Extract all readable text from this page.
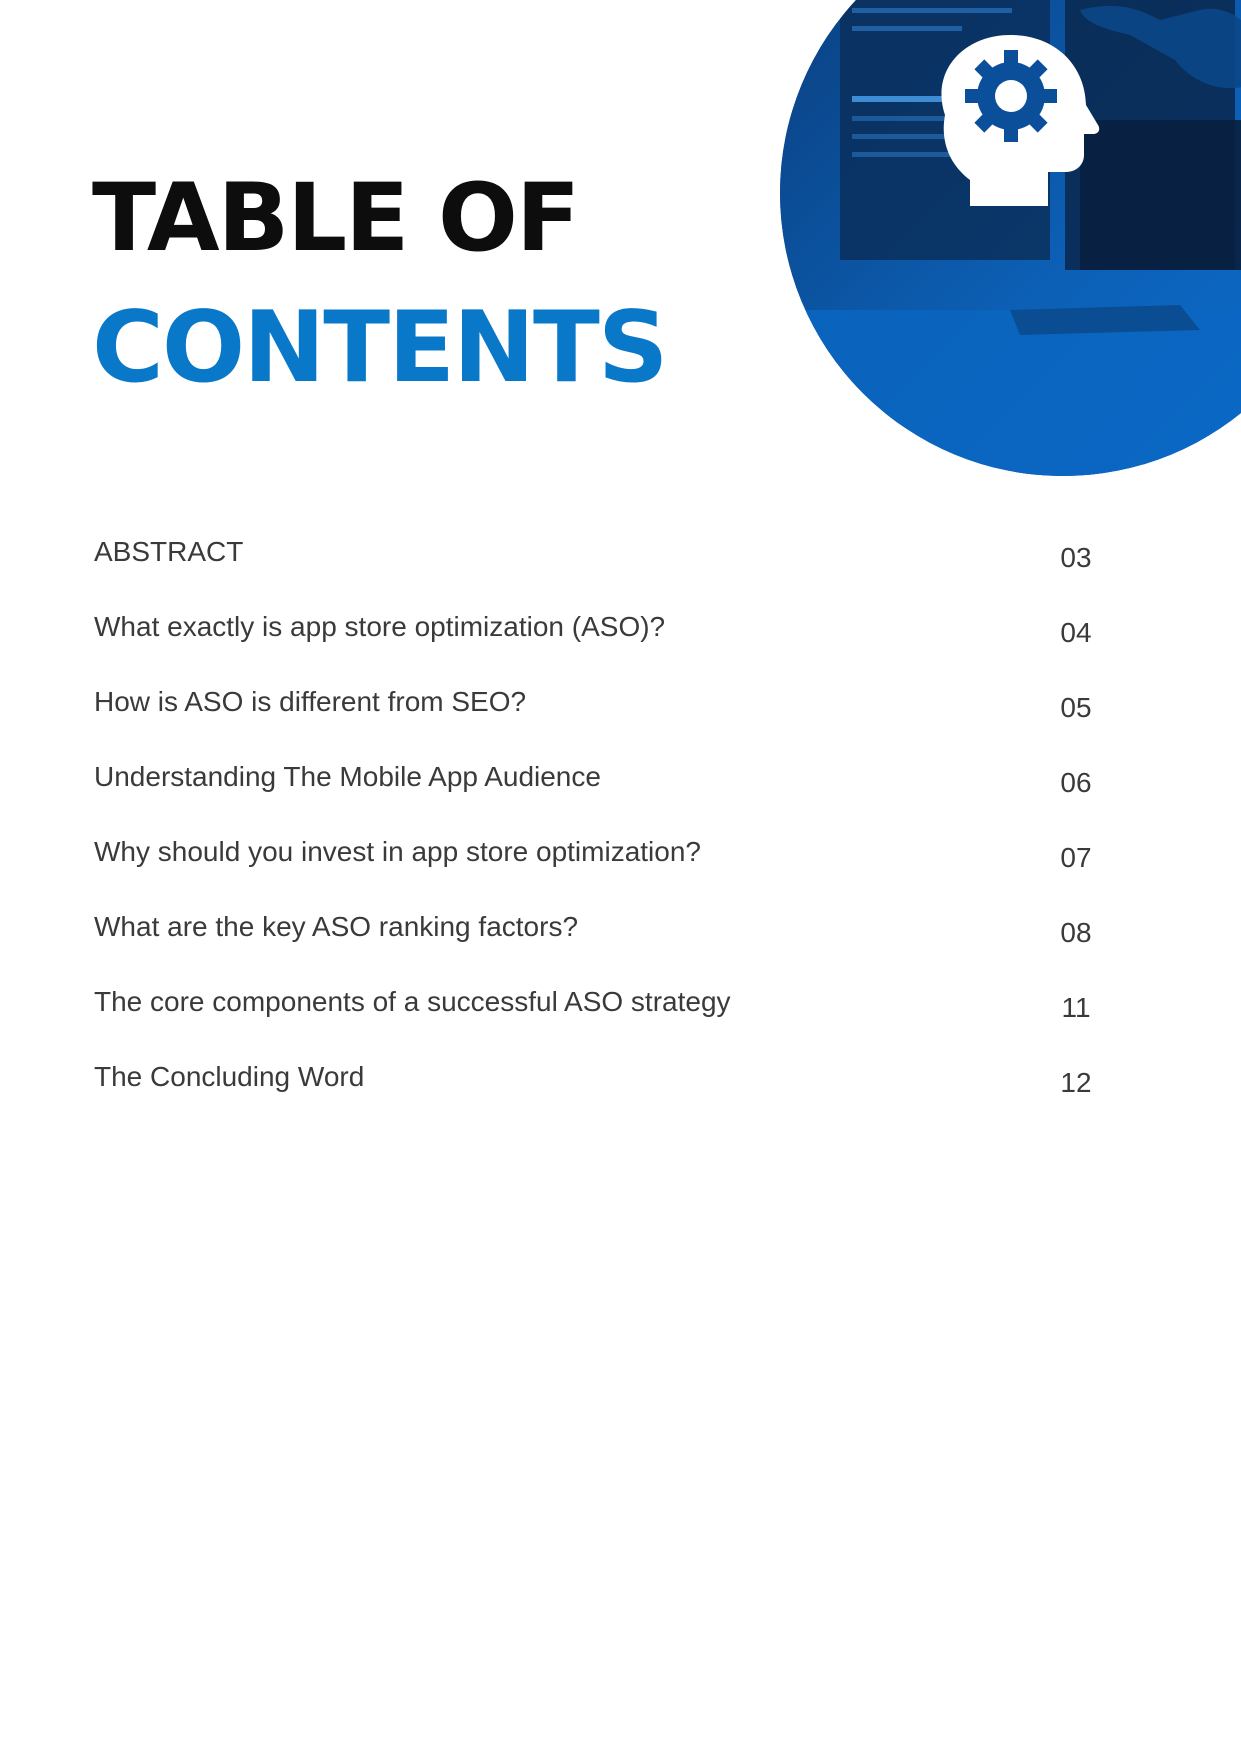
TABLE OF
CONTENTS
ABSTRACT	03
What exactly is app store optimization (ASO)?	04
How is ASO is different from SEO?	05
Understanding The Mobile App Audience	06
Why should you invest in app store optimization?	07
What are the key ASO ranking factors?	08
The core components of a successful ASO strategy	11
The Concluding Word	12
